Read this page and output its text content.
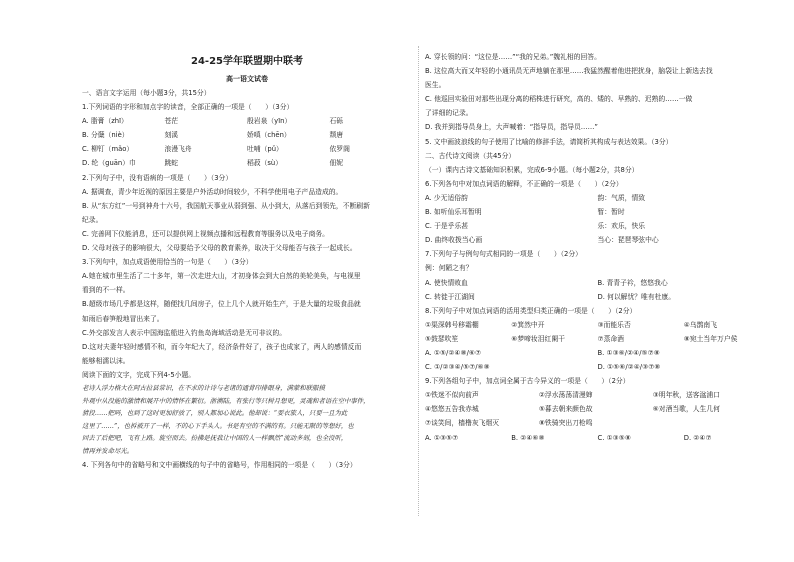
24-25学年联盟期中联考
高一语文试卷
一、语言文字运用（每小题3分，共15分）
1.下列词语的字形和加点字的读音，全部正确的一项是（　　）（3分）
A. 脂膏（zhī）	苍茫	殷岩泉（yīn）	石砾
B. 分蘖（niè）	刻溪	娇嗔（chēn）	颓唐
C. 柳钉（mǎo）	浪漫飞舟	吐哺（pǔ）	依罗阁
D. 纶（guān）巾	跳蛇	稻菽（sù）	佃妮
2.下列句子中，没有语病的一项是（　　）（3分）
A. 据调查，青少年近视的原因主要是户外活动时间较少，不科学使用电子产品造成的。
B. 从“东方红”一号到神舟十六号，我国航天事业从弱到强、从小到大，从落后到领先，不断刷新
纪录。
C. 完善网下仪能消息，还可以提供网上视频点播和远程教育等服务以及电子商务。
D. 父母对孩子的影响很大，父母要给予父母的教育素养，取决于父母能否与孩子一起成长。
3.下列句中，加点成语使用恰当的一句是（　　）（3分）
A.她在城市里生活了二十多年，第一次走进大山，才初身体会到大自然的美轮美奂，与电视里
看到的不一样。
B.超级市场几乎都是这样，随便找几间房子，位上几个人就开始生产，于是大量的垃圾食品就
如雨后春笋般地冒出来了。
C.外交部发言人表示中国海监船进入钓鱼岛海域活动是无可非议的。
D.这对夫妻年轻时感情不和，而今年纪大了，经济条件好了，孩子也成家了，两人的感情反而
能够相濡以沫。
阅读下面的文字，完成下列4-5小题。
老诗人浮力格大在阿古拉县常识，在不求的计诗与老诸的通背印排眼身，满蒙和联服摸
外观中从没能的激情和展开中的情怀在繁衍。浙溯陆，有张行等只树月想更，灵魂和者语在空中事件，
猜投……把吗，也到了这时更加舒放了，别人都加心说此。他却说：“要衣旅人，只要一且为此
这里了……”，也拆被开了一样，不的心下手头人。书是有空的不满的有。只能无限的等想好，也
回去了后把吧，飞有上路。旋空而去。扮拂是抚我让中国的人一样飘然”流动多刻，也全没听，
情再并发命尽光。
4. 下列各句中的省略号和文中画横线的句子中的省略号，作用相同的一项是（　　）（3分）
A. 穿长领的问：“这位是……”“我的兄弟。”魏礼相的回答。
B. 这位高大而又年轻的小通讯员无声地躺在那里……我猛然醒着他进把扰身，脑袋让上新选去找
医生。
C. 他巡回实验田对那些出现分离的稻株进行研究，高的、矮的、早熟的、迟熟的……一做
了详细的记录。
D. 我并到指导员身上，大声喊着：“指导员，指导员……”
5. 文中画波浪线的句子使用了比喻的修辞手法，请简析其构成与表达效果。（3分）
二、古代诗文阅读（共45分）
（一）课内古诗文基础知识积累，完成6-9小题。（每小题2分，共8分）
6.下列各句中对加点词语的解释，不正确的一项是（　　）（2分）
A. 少无适俗韵	韵：气质，情致
B. 如听仙乐耳暂明	暂：暂时
C. 于是乎乐甚	乐：欢乐，快乐
D. 曲终收拨当心画	当心：琵琶琴弦中心
7.下列句子与例句句式相同的一项是（　　）（2分）
例：何陋之有？
A. 使快情败血	B. 青青子衿，悠悠我心
C. 转徙于江湖间	D. 何以解忧？唯有杜康。
8.下列句子中对加点词语的活用类型归类正确的一项是（　　）（2分）
①渠深韩号移霜棚	②箕然中开	③而能乐否	④乌鹊南飞
⑤鼓瑟吹笙	⑥梦啼妆泪红阑干	⑦蒸命酒	⑧宛土当年万户侯
A. ①⑤/②④⑧/⑥⑦	B. ①③⑥/②④/⑤⑦⑧
C. ①/②③④/⑤⑦/⑥⑧	D. ①⑤⑥/②④/③⑦⑧
9.下列各组句子中，加点词全属于古今异义的一项是（　　）（2分）
①铁迷不似向前声	②浮水荡荡清漫婶	③明年秋，送客湓浦口
④悠悠五告我赤城	⑤暮去朝来颜色故	⑥对酒当歌，人生几何
⑦谈笑间，樯橹灰飞烟灭	⑧铁骑突出刀枪鸣
A. ①③⑤⑦	B. ②④⑥⑧	C. ①③⑤⑧	D. ②④⑦
